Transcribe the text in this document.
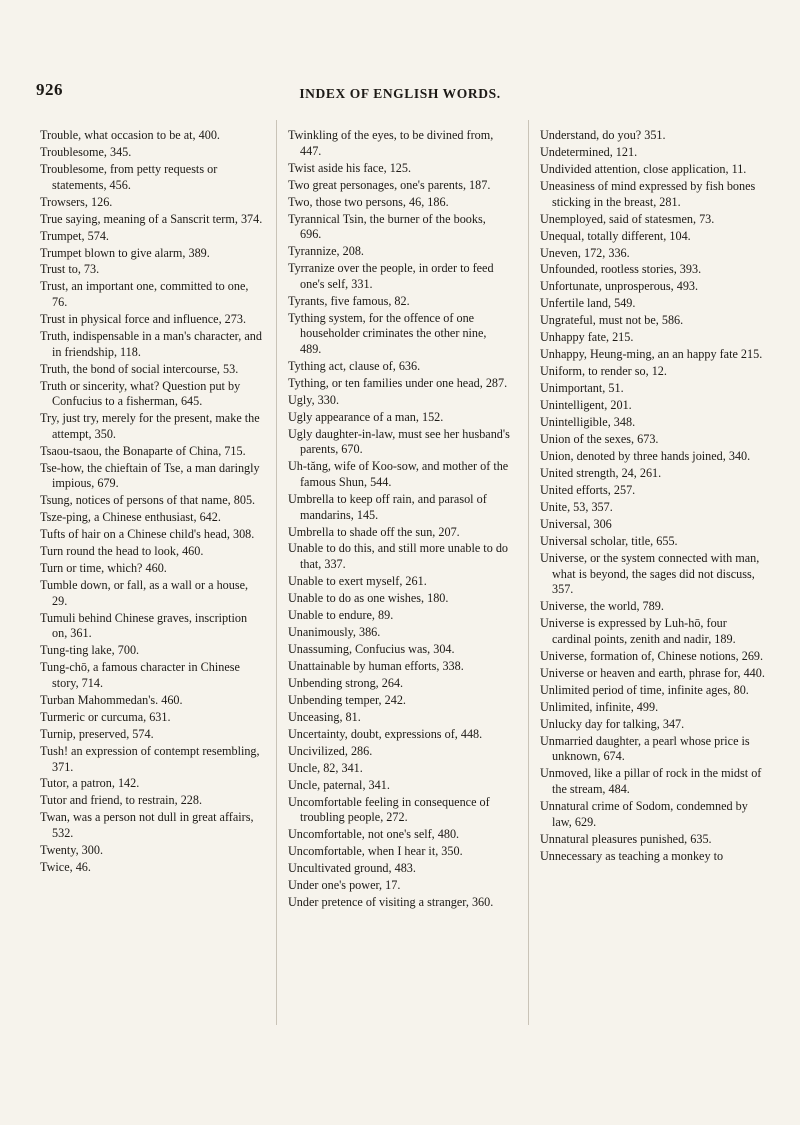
926	INDEX OF ENGLISH WORDS.

Trouble, what occasion to be at, 400.

Troublesome, 345.

Troublesome, from petty requests or statements, 456.

Trowsers, 126.

True saying, meaning of a Sanscrit term, 374.

Trumpet, 574.

Trumpet blown to give alarm, 389.

Trust to, 73.

Trust, an important one, committed to one, 76.

Trust in physical force and influence, 273.

Truth, indispensable in a man's character, and in friendship, 118.

Truth, the bond of social intercourse, 53.

Truth or sincerity, what? Question put by Confucius to a fisherman, 645.

Try, just try, merely for the present, make the attempt, 350.

Tsaou-tsaou, the Bonaparte of China, 715.

Tse-how, the chieftain of Tse, a man daringly impious, 679.

Tsung, notices of persons of that name, 805.

Tsze-ping, a Chinese enthusiast, 642.

Tufts of hair on a Chinese child's head, 308.

Turn round the head to look, 460.

Turn or time, which? 460.

Tumble down, or fall, as a wall or a house, 29.

Tumuli behind Chinese graves, inscription on, 361.

Tung-ting lake, 700.

Tung-chō, a famous character in Chinese story, 714.

Turban Mahommedan's. 460.

Turmeric or curcuma, 631.

Turnip, preserved, 574.

Tush! an expression of contempt resembling, 371.

Tutor, a patron, 142.

Tutor and friend, to restrain, 228.

Twan, was a person not dull in great affairs, 532.

Twenty, 300.

Twice, 46.

Twinkling of the eyes, to be divined from, 447.

Twist aside his face, 125.

Two great personages, one's parents, 187.

Two, those two persons, 46, 186.

Tyrannical Tsin, the burner of the books, 696.

Tyrannize, 208.

Tyrranize over the people, in order to feed one's self, 331.

Tyrants, five famous, 82.

Tything system, for the offence of one householder criminates the other nine, 489.

Tything act, clause of, 636.

Tything, or ten families under one head, 287.

Ugly, 330.

Ugly appearance of a man, 152.

Ugly daughter-in-law, must see her husband's parents, 670.

Uh-tăng, wife of Koo-sow, and mother of the famous Shun, 544.

Umbrella to keep off rain, and parasol of mandarins, 145.

Umbrella to shade off the sun, 207.

Unable to do this, and still more unable to do that, 337.

Unable to exert myself, 261.

Unable to do as one wishes, 180.

Unable to endure, 89.

Unanimously, 386.

Unassuming, Confucius was, 304.

Unattainable by human efforts, 338.

Unbending strong, 264.

Unbending temper, 242.

Unceasing, 81.

Uncertainty, doubt, expressions of, 448.

Uncivilized, 286.

Uncle, 82, 341.

Uncle, paternal, 341.

Uncomfortable feeling in consequence of troubling people, 272.

Uncomfortable, not one's self, 480.

Uncomfortable, when I hear it, 350.

Uncultivated ground, 483.

Under one's power, 17.

Under pretence of visiting a stranger, 360.

Understand, do you? 351.

Undetermined, 121.

Undivided attention, close application, 11.

Uneasiness of mind expressed by fish bones sticking in the breast, 281.

Unemployed, said of statesmen, 73.

Unequal, totally different, 104.

Uneven, 172, 336.

Unfounded, rootless stories, 393.

Unfortunate, unprosperous, 493.

Unfertile land, 549.

Ungrateful, must not be, 586.

Unhappy fate, 215.

Unhappy, Heung-ming, an an happy fate 215.

Uniform, to render so, 12.

Unimportant, 51.

Unintelligent, 201.

Unintelligible, 348.

Union of the sexes, 673.

Union, denoted by three hands joined, 340.

United strength, 24, 261.

United efforts, 257.

Unite, 53, 357.

Universal, 306

Universal scholar, title, 655.

Universe, or the system connected with man, what is beyond, the sages did not discuss, 357.

Universe, the world, 789.

Universe is expressed by Luh-hō, four cardinal points, zenith and nadir, 189.

Universe, formation of, Chinese notions, 269.

Universe or heaven and earth, phrase for, 440.

Unlimited period of time, infinite ages, 80.

Unlimited, infinite, 499.

Unlucky day for talking, 347.

Unmarried daughter, a pearl whose price is unknown, 674.

Unmoved, like a pillar of rock in the midst of the stream, 484.

Unnatural crime of Sodom, condemned by law, 629.

Unnatural pleasures punished, 635.

Unnecessary as teaching a monkey to
